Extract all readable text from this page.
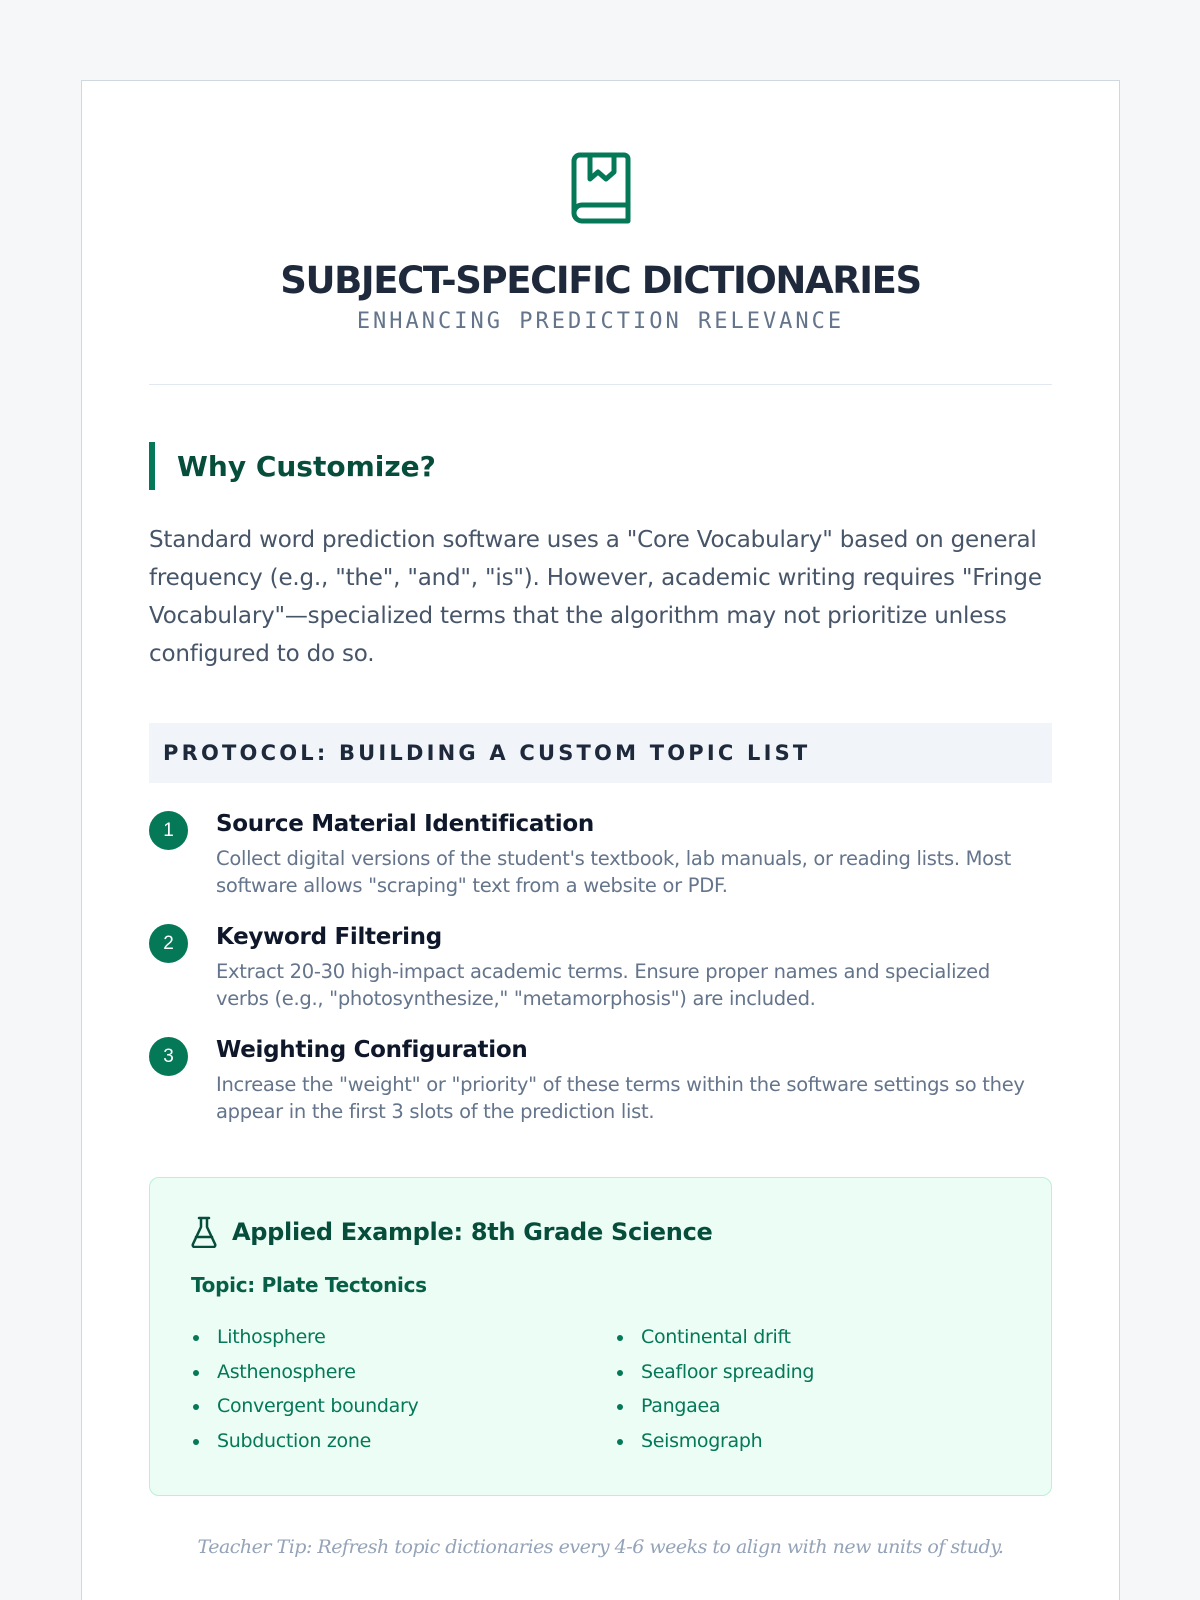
SUBJECT-SPECIFIC DICTIONARIES
ENHANCING PREDICTION RELEVANCE
Why Customize?

Standard word prediction software uses a "Core Vocabulary" based on general frequency (e.g., "the", "and", "is"). However, academic writing requires "Fringe Vocabulary"—specialized terms that the algorithm may not prioritize unless configured to do so.

PROTOCOL: BUILDING A CUSTOM TOPIC LIST
1	Source Material Identification
Collect digital versions of the student's textbook, lab manuals, or reading lists. Most software allows "scraping" text from a website or PDF.
2	Keyword Filtering
Extract 20-30 high-impact academic terms. Ensure proper names and specialized verbs (e.g., "photosynthesize," "metamorphosis") are included.
3	Weighting Configuration
Increase the "weight" or "priority" of these terms within the software settings so they appear in the first 3 slots of the prediction list.
Applied Example: 8th Grade Science
Topic: Plate Tectonics
Lithosphere
Asthenosphere
Convergent boundary
Subduction zone
Continental drift
Seafloor spreading
Pangaea
Seismograph
Teacher Tip: Refresh topic dictionaries every 4-6 weeks to align with new units of study.
